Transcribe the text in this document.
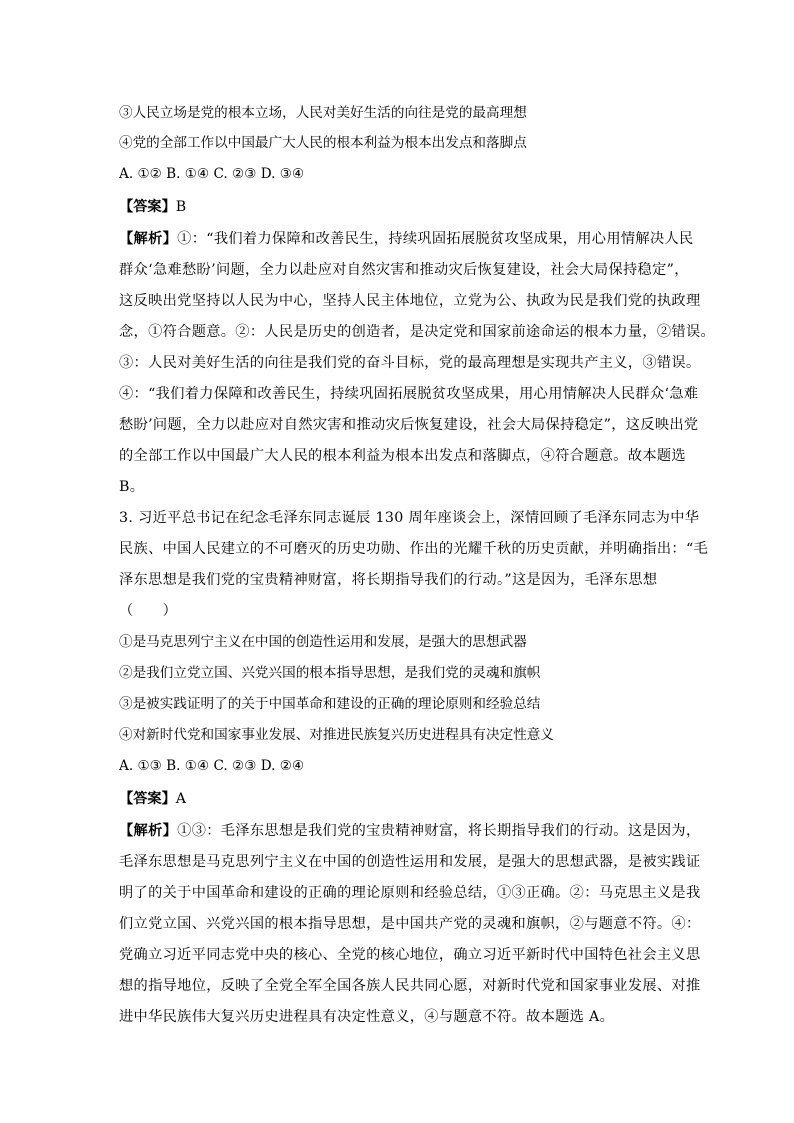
③人民立场是党的根本立场，人民对美好生活的向往是党的最高理想
④党的全部工作以中国最广大人民的根本利益为根本出发点和落脚点
A. ①② B. ①④ C. ②③ D. ③④
【答案】B
【解析】①：“我们着力保障和改善民生，持续巩固拓展脱贫攻坚成果，用心用情解决人民
群众‘急难愁盼’问题，全力以赴应对自然灾害和推动灾后恢复建设，社会大局保持稳定”，
这反映出党坚持以人民为中心，坚持人民主体地位，立党为公、执政为民是我们党的执政理
念，①符合题意。②：人民是历史的创造者，是决定党和国家前途命运的根本力量，②错误。
③：人民对美好生活的向往是我们党的奋斗目标，党的最高理想是实现共产主义，③错误。
④：“我们着力保障和改善民生，持续巩固拓展脱贫攻坚成果，用心用情解决人民群众‘急难
愁盼’问题，全力以赴应对自然灾害和推动灾后恢复建设，社会大局保持稳定”，这反映出党
的全部工作以中国最广大人民的根本利益为根本出发点和落脚点，④符合题意。故本题选
B。
3. 习近平总书记在纪念毛泽东同志诞辰 130 周年座谈会上，深情回顾了毛泽东同志为中华
民族、中国人民建立的不可磨灭的历史功勋、作出的光耀千秋的历史贡献，并明确指出：“毛
泽东思想是我们党的宝贵精神财富，将长期指导我们的行动。”这是因为，毛泽东思想
（　　）
①是马克思列宁主义在中国的创造性运用和发展，是强大的思想武器
②是我们立党立国、兴党兴国的根本指导思想，是我们党的灵魂和旗帜
③是被实践证明了的关于中国革命和建设的正确的理论原则和经验总结
④对新时代党和国家事业发展、对推进民族复兴历史进程具有决定性意义
A. ①③ B. ①④ C. ②③ D. ②④
【答案】A
【解析】①③：毛泽东思想是我们党的宝贵精神财富，将长期指导我们的行动。这是因为，
毛泽东思想是马克思列宁主义在中国的创造性运用和发展，是强大的思想武器，是被实践证
明了的关于中国革命和建设的正确的理论原则和经验总结，①③正确。②：马克思主义是我
们立党立国、兴党兴国的根本指导思想，是中国共产党的灵魂和旗帜，②与题意不符。④：
党确立习近平同志党中央的核心、全党的核心地位，确立习近平新时代中国特色社会主义思
想的指导地位，反映了全党全军全国各族人民共同心愿，对新时代党和国家事业发展、对推
进中华民族伟大复兴历史进程具有决定性意义，④与题意不符。故本题选 A。
